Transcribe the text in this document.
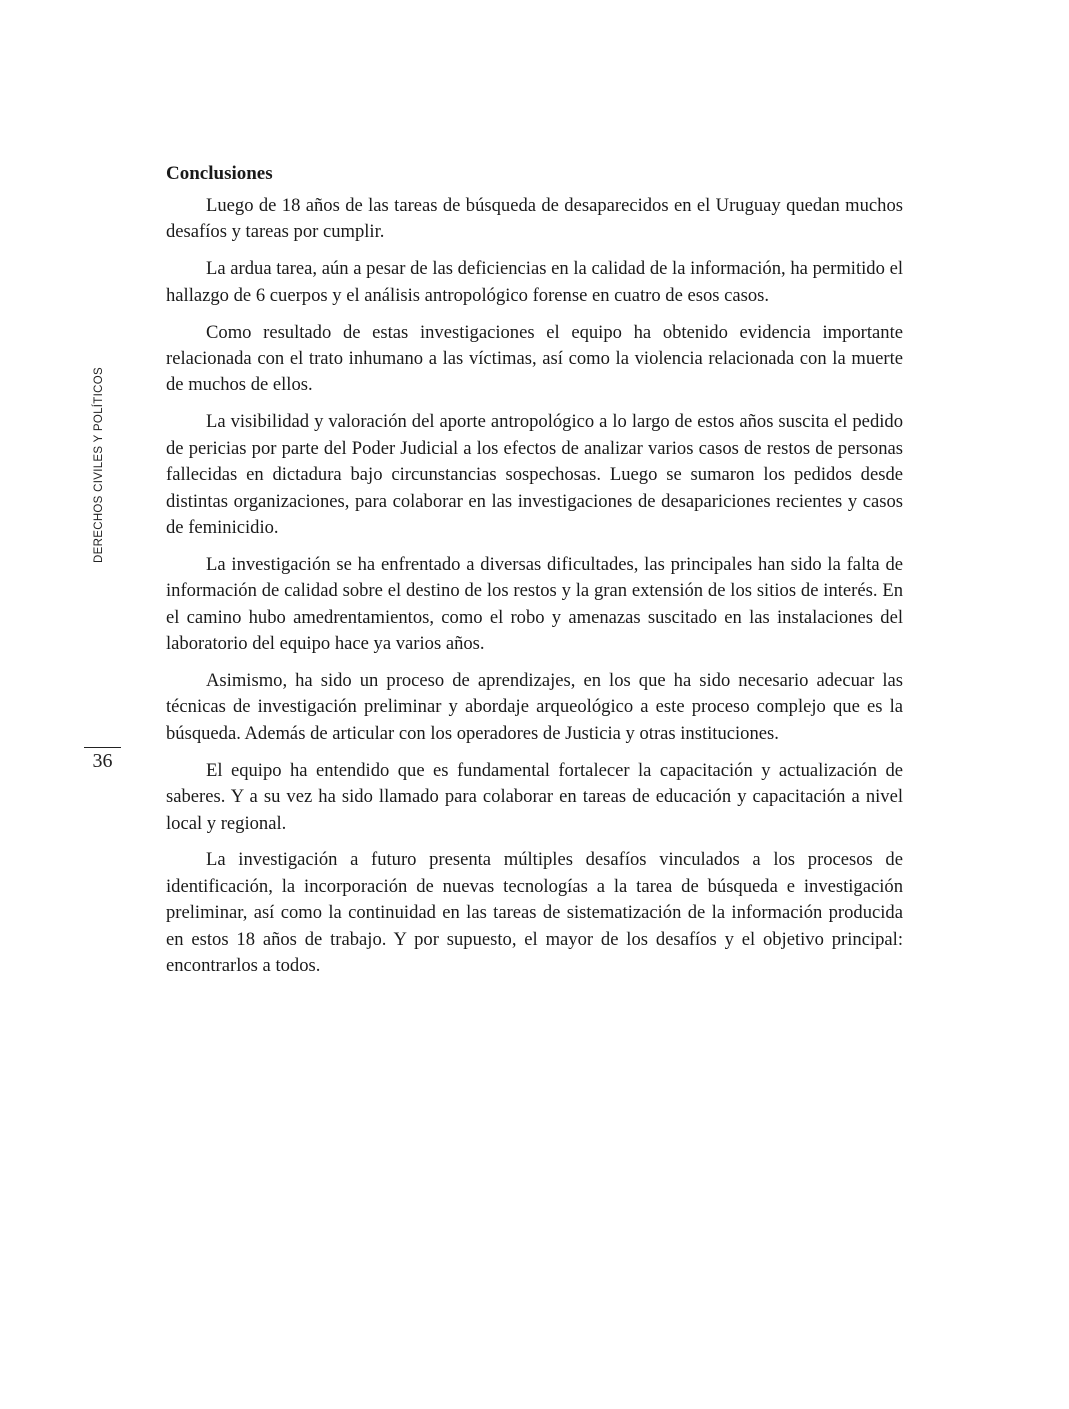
DERECHOS CIVILES Y POLÍTICOS
36
Conclusiones

Luego de 18 años de las tareas de búsqueda de desaparecidos en el Uruguay quedan muchos desafíos y tareas por cumplir.

La ardua tarea, aún a pesar de las deficiencias en la calidad de la información, ha permitido el hallazgo de 6 cuerpos y el análisis antropológico forense en cuatro de esos casos.

Como resultado de estas investigaciones el equipo ha obtenido evidencia importante relacionada con el trato inhumano a las víctimas, así como la violencia relacionada con la muerte de muchos de ellos.

La visibilidad y valoración del aporte antropológico a lo largo de estos años suscita el pedido de pericias por parte del Poder Judicial a los efectos de analizar varios casos de restos de personas fallecidas en dictadura bajo circunstancias sospechosas. Luego se sumaron los pedidos desde distintas organizaciones, para colaborar en las investigaciones de desapariciones recientes y casos de feminicidio.

La investigación se ha enfrentado a diversas dificultades, las principales han sido la falta de información de calidad sobre el destino de los restos y la gran extensión de los sitios de interés. En el camino hubo amedrentamientos, como el robo y amenazas suscitado en las instalaciones del laboratorio del equipo hace ya varios años.

Asimismo, ha sido un proceso de aprendizajes, en los que ha sido necesario adecuar las técnicas de investigación preliminar y abordaje arqueológico a este proceso complejo que es la búsqueda. Además de articular con los operadores de Justicia y otras instituciones.

El equipo ha entendido que es fundamental fortalecer la capacitación y actualización de saberes. Y a su vez ha sido llamado para colaborar en tareas de educación y capacitación a nivel local y regional.

La investigación a futuro presenta múltiples desafíos vinculados a los procesos de identificación, la incorporación de nuevas tecnologías a la tarea de búsqueda e investigación preliminar, así como la continuidad en las tareas de sistematización de la información producida en estos 18 años de trabajo. Y por supuesto, el mayor de los desafíos y el objetivo principal: encontrarlos a todos.
